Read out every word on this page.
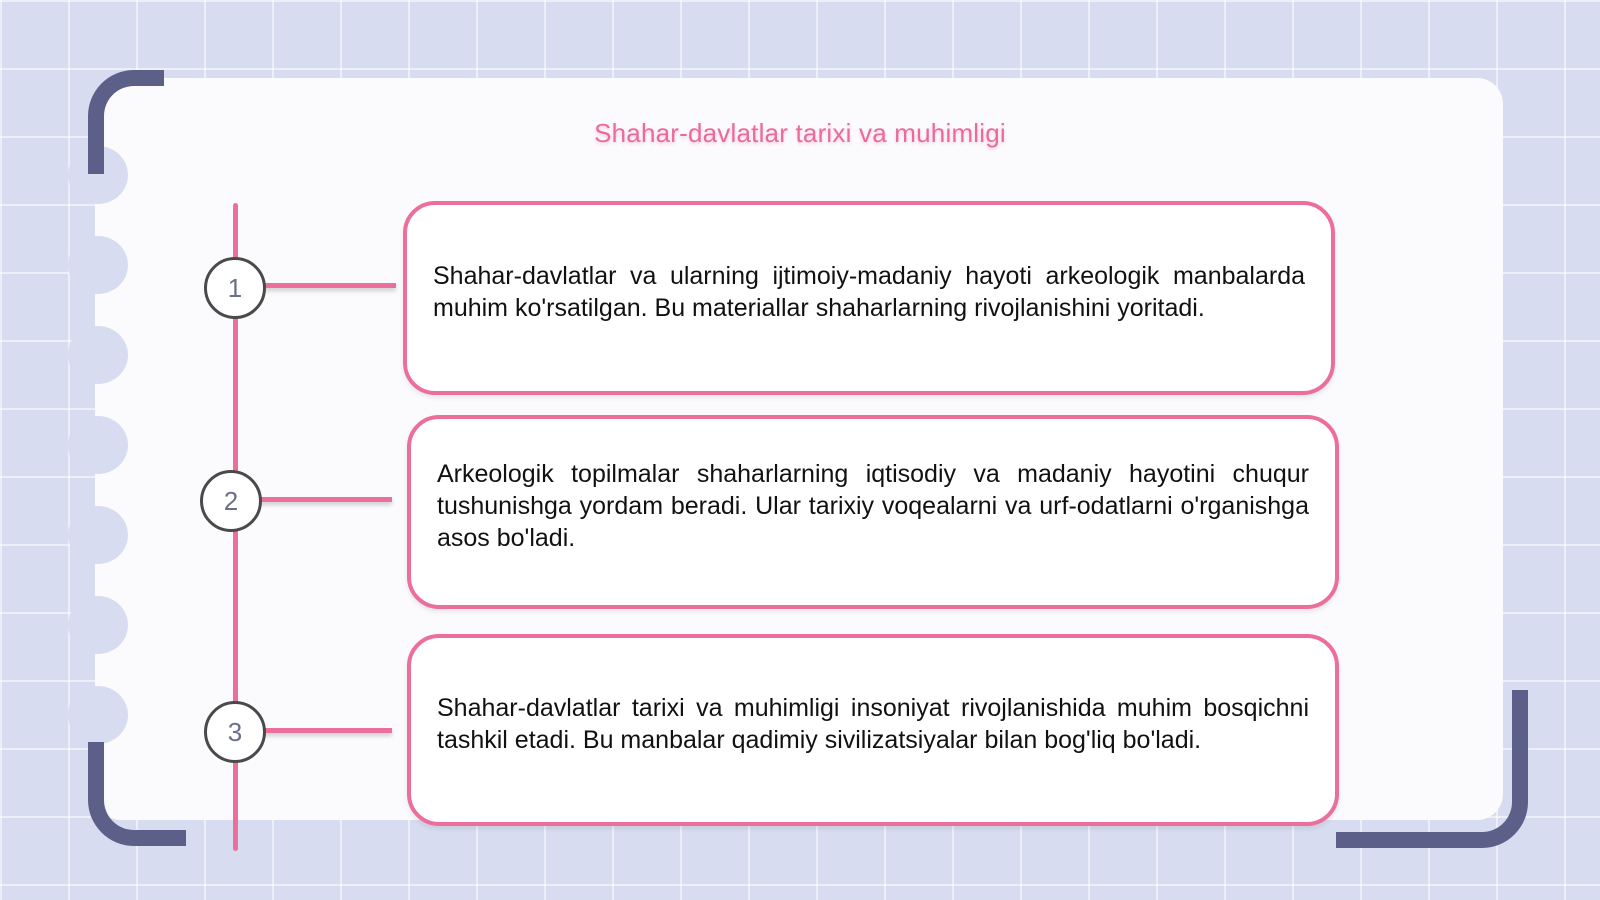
Shahar-davlatlar tarixi va muhimligi
1
2
3

Shahar-davlatlar va ularning ijtimoiy-madaniy hayoti arkeologik manbalarda muhim ko'rsatilgan. Bu materiallar shaharlarning rivojlanishini yoritadi.

Arkeologik topilmalar shaharlarning iqtisodiy va madaniy hayotini chuqur tushunishga yordam beradi. Ular tarixiy voqealarni va urf-odatlarni o'rganishga asos bo'ladi.

Shahar-davlatlar tarixi va muhimligi insoniyat rivojlanishida muhim bosqichni tashkil etadi. Bu manbalar qadimiy sivilizatsiyalar bilan bog'liq bo'ladi.
